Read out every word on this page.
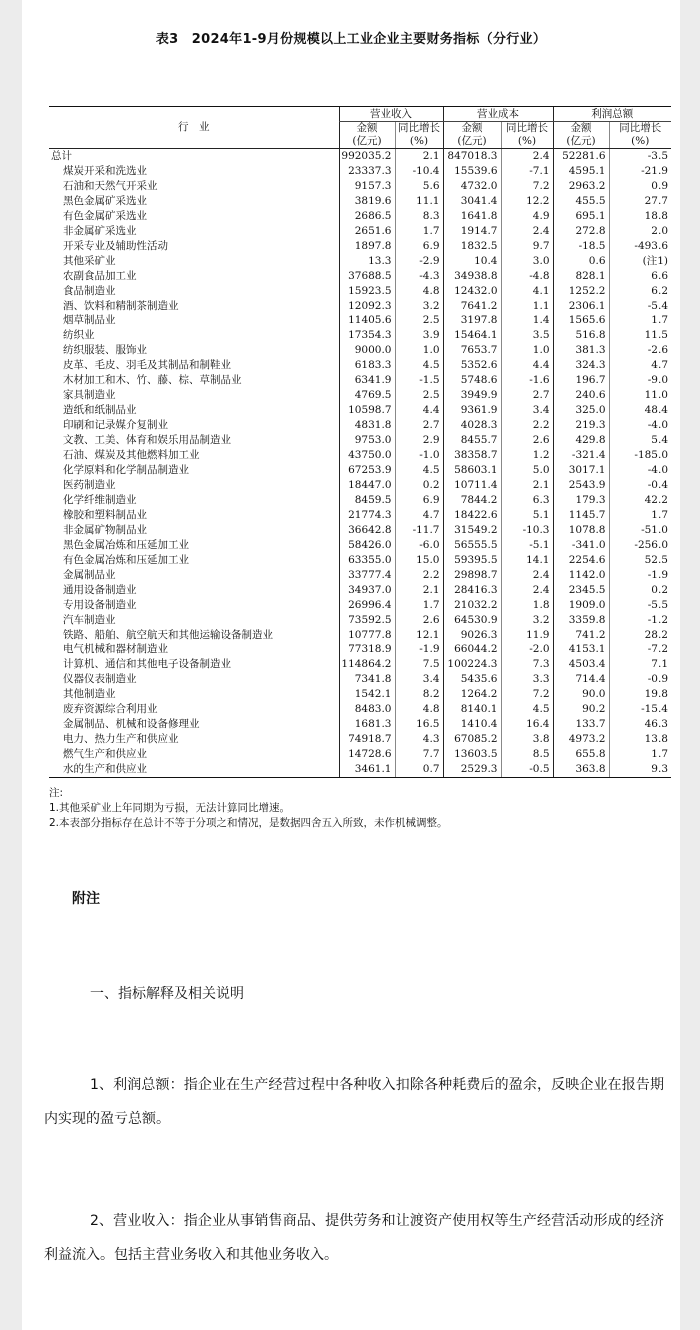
表3　2024年1-9月份规模以上工业企业主要财务指标（分行业）
行　业	营业收入		营业成本		利润总额	
	金额	同比增长	金额	同比增长	金额	同比增长
	(亿元)	(%)	(亿元)	(%)	(亿元)	(%)
总计	992035.2	2.1	847018.3	2.4	52281.6	-3.5
煤炭开采和洗选业	23337.3	-10.4	15539.6	-7.1	4595.1	-21.9
石油和天然气开采业	9157.3	5.6	4732.0	7.2	2963.2	0.9
黑色金属矿采选业	3819.6	11.1	3041.4	12.2	455.5	27.7
有色金属矿采选业	2686.5	8.3	1641.8	4.9	695.1	18.8
非金属矿采选业	2651.6	1.7	1914.7	2.4	272.8	2.0
开采专业及辅助性活动	1897.8	6.9	1832.5	9.7	-18.5	-493.6
其他采矿业	13.3	-2.9	10.4	3.0	0.6	(注1)
农副食品加工业	37688.5	-4.3	34938.8	-4.8	828.1	6.6
食品制造业	15923.5	4.8	12432.0	4.1	1252.2	6.2
酒、饮料和精制茶制造业	12092.3	3.2	7641.2	1.1	2306.1	-5.4
烟草制品业	11405.6	2.5	3197.8	1.4	1565.6	1.7
纺织业	17354.3	3.9	15464.1	3.5	516.8	11.5
纺织服装、服饰业	9000.0	1.0	7653.7	1.0	381.3	-2.6
皮革、毛皮、羽毛及其制品和制鞋业	6183.3	4.5	5352.6	4.4	324.3	4.7
木材加工和木、竹、藤、棕、草制品业	6341.9	-1.5	5748.6	-1.6	196.7	-9.0
家具制造业	4769.5	2.5	3949.9	2.7	240.6	11.0
造纸和纸制品业	10598.7	4.4	9361.9	3.4	325.0	48.4
印刷和记录媒介复制业	4831.8	2.7	4028.3	2.2	219.3	-4.0
文教、工美、体育和娱乐用品制造业	9753.0	2.9	8455.7	2.6	429.8	5.4
石油、煤炭及其他燃料加工业	43750.0	-1.0	38358.7	1.2	-321.4	-185.0
化学原料和化学制品制造业	67253.9	4.5	58603.1	5.0	3017.1	-4.0
医药制造业	18447.0	0.2	10711.4	2.1	2543.9	-0.4
化学纤维制造业	8459.5	6.9	7844.2	6.3	179.3	42.2
橡胶和塑料制品业	21774.3	4.7	18422.6	5.1	1145.7	1.7
非金属矿物制品业	36642.8	-11.7	31549.2	-10.3	1078.8	-51.0
黑色金属冶炼和压延加工业	58426.0	-6.0	56555.5	-5.1	-341.0	-256.0
有色金属冶炼和压延加工业	63355.0	15.0	59395.5	14.1	2254.6	52.5
金属制品业	33777.4	2.2	29898.7	2.4	1142.0	-1.9
通用设备制造业	34937.0	2.1	28416.3	2.4	2345.5	0.2
专用设备制造业	26996.4	1.7	21032.2	1.8	1909.0	-5.5
汽车制造业	73592.5	2.6	64530.9	3.2	3359.8	-1.2
铁路、船舶、航空航天和其他运输设备制造业	10777.8	12.1	9026.3	11.9	741.2	28.2
电气机械和器材制造业	77318.9	-1.9	66044.2	-2.0	4153.1	-7.2
计算机、通信和其他电子设备制造业	114864.2	7.5	100224.3	7.3	4503.4	7.1
仪器仪表制造业	7341.8	3.4	5435.6	3.3	714.4	-0.9
其他制造业	1542.1	8.2	1264.2	7.2	90.0	19.8
废弃资源综合利用业	8483.0	4.8	8140.1	4.5	90.2	-15.4
金属制品、机械和设备修理业	1681.3	16.5	1410.4	16.4	133.7	46.3
电力、热力生产和供应业	74918.7	4.3	67085.2	3.8	4973.2	13.8
燃气生产和供应业	14728.6	7.7	13603.5	8.5	655.8	1.7
水的生产和供应业	3461.1	0.7	2529.3	-0.5	363.8	9.3
注:
1.其他采矿业上年同期为亏损，无法计算同比增速。
2.本表部分指标存在总计不等于分项之和情况，是数据四舍五入所致，未作机械调整。
附注
一、指标解释及相关说明
1、利润总额：指企业在生产经营过程中各种收入扣除各种耗费后的盈余，反映企业在报告期内实现的盈亏总额。
2、营业收入：指企业从事销售商品、提供劳务和让渡资产使用权等生产经营活动形成的经济利益流入。包括主营业务收入和其他业务收入。
